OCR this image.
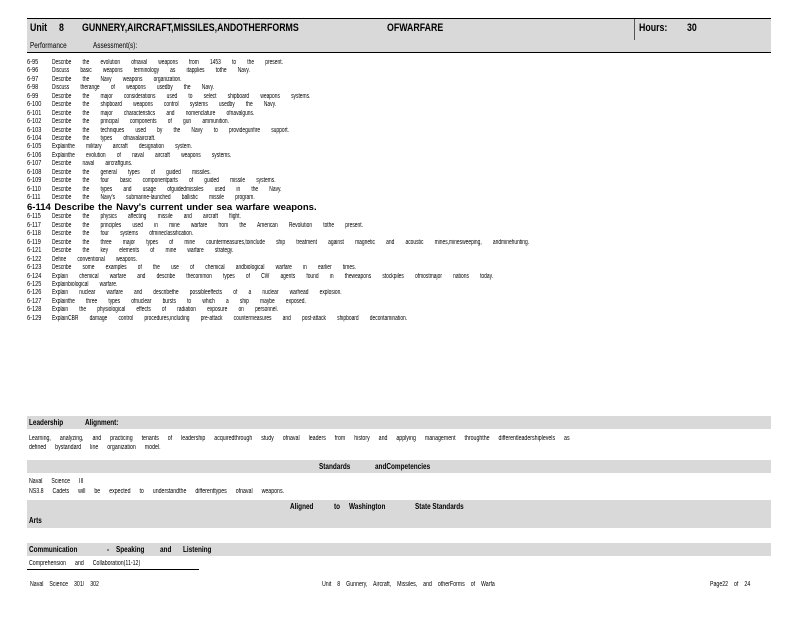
Unit 8 GUNNERY,AIRCRAFT,MISSILES,ANDOTHERFORMS	OFWARFARE	Hours: 30
Performance	Assessment(s):
6-95	Describe the evolution ofnaval weapons from 1453 to the present.
6-96	Discuss basic weapons terminology as itapplies tothe Navy.
6-97	Describe the Navy weapons organization.
6-98	Discuss therange of weapons usedby the Navy.
6-99	Describe the major considerations used to select shipboard weapons systems.
6-100	Describe the shipboard weapons control systems usedby the Navy.
6-101	Describe the major characteristics and nomenclature ofnavalguns.
6-102	Describe the principal components of gun ammunition.
6-103	Describe the techniques used by the Navy to providegunfire support.
6-104	Describe the types ofnavalaircraft.
6-105	Explainthe military aircraft designation system.
6-106	Explainthe evolution of naval aircraft weapons systems.
6-107	Describe naval aircraftguns.
6-108	Describe the general types of guided missiles.
6-109	Describe the four basic componentparts of guided missile systems.
6-110	Describe the types and usage ofguidedmissiles used in the Navy.
6-111	Describe the Navy's submarine-launched ballistic missile program.
6-114 Describe the Navy's current under sea warfare weapons.
6-115	Describe the physics affecting missile and aircraft flight.
6-117	Describe the principles used in mine warfare from the American Revolution tothe present.
6-118	Describe the four systems ofmineclassification.
6-119	Describe the three major types of mine countermeasures,toinclude ship treatment against magnetic and acoustic mines,minesweeping, andminehunting.
6-121	Describe the key elements of mine warfare strategy.
6-122	Define conventional weapons.
6-123	Describe some examples of the use of chemical andbiological warfare in earlier times.
6-124	Explain chemical warfare and describe thecommon types of CW agents found in theweapons stockpiles ofmostmajor nations today.
6-125	Explainbiological warfare.
6-126	Explain nuclear warfare and describethe possibleeffects of a nuclear warhead explosion.
6-127	Explainthe three types ofnuclear bursts to which a ship maybe exposed.
6-128	Explain the physiological effects of radiation exposure on personnel.
6-129	ExplainCBR damage control procedures,including pre-attack countermeasures and post-attack shipboard decontamination.
Leadership	Alignment:
Learning, analyzing, and practicing tenants of leadership acquiredthrough study ofnaval leaders from history and applying management throughthe differentleadershiplevels as
defined bystandard line organization model.
Standards	andCompetencies
Naval Science III
NS3.8 Cadets will be expected to understandthe differenttypes ofnaval weapons.
Aligned	to Washington	State Standards
Arts
Communication	- Speaking and Listening
Comprehension and Collaboration(11-12)
Naval Science 301/ 302	Unit 8 Gunnery, Aircraft, Missiles, and otherForms of Warfa	Page22 of 24
